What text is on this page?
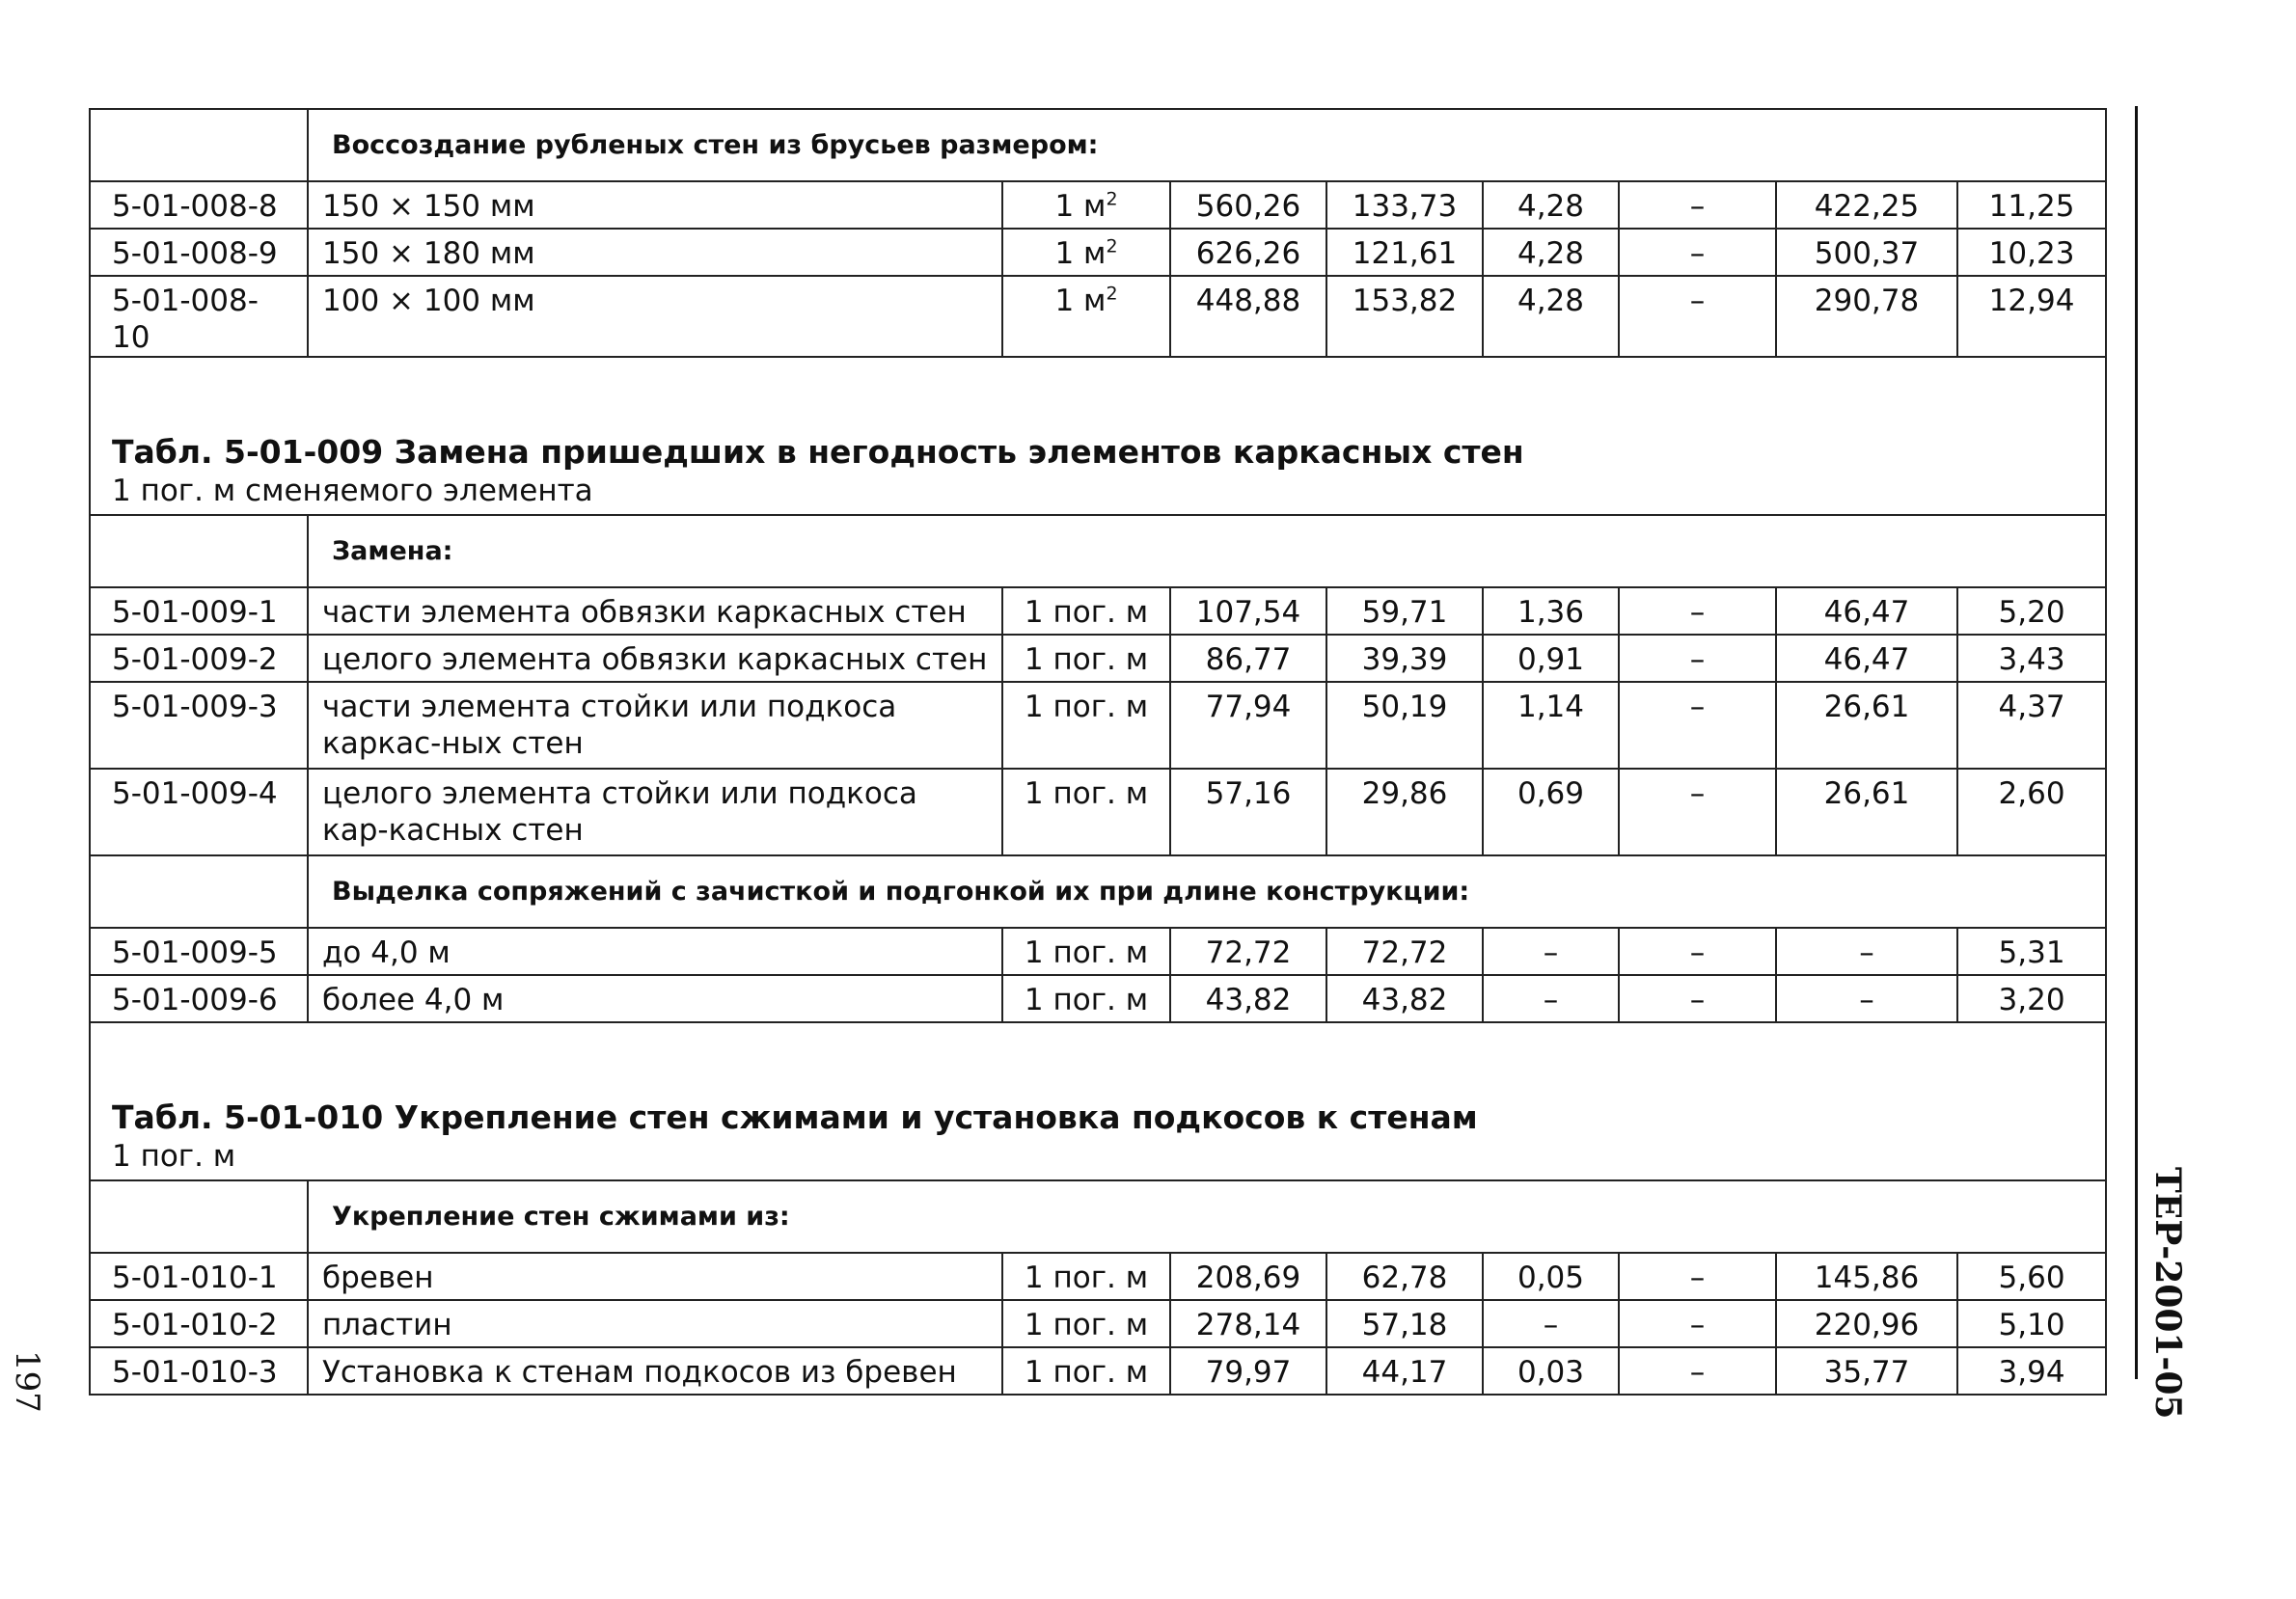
	Воссоздание рубленых стен из брусьев размером:							
5-01-008-8	150 × 150 мм	1 $м^2$	560,26	133,73	4,28	–	422,25	11,25
5-01-008-9	150 × 180 мм	1 $м^2$	626,26	121,61	4,28	–	500,37	10,23
5-01-008-10	100 × 100 мм	1 $м^2$	448,88	153,82	4,28	–	290,78	12,94

Табл. 5-01-009 Замена пришедших в негодность элементов каркасных стен
1 пог. м сменяемого элемента								

	Замена:							
5-01-009-1	части элемента обвязки каркасных стен	1 пог. м	107,54	59,71	1,36	–	46,47	5,20
5-01-009-2	целого элемента обвязки каркасных стен	1 пог. м	86,77	39,39	0,91	–	46,47	3,43
5-01-009-3	части элемента стойки или подкоса каркас-ных стен	1 пог. м	77,94	50,19	1,14	–	26,61	4,37
5-01-009-4	целого элемента стойки или подкоса кар-касных стен	1 пог. м	57,16	29,86	0,69	–	26,61	2,60
	Выделка сопряжений с зачисткой и подгонкой их при длине конструкции:							
5-01-009-5	до 4,0 м	1 пог. м	72,72	72,72	–	–	–	5,31
5-01-009-6	более 4,0 м	1 пог. м	43,82	43,82	–	–	–	3,20

Табл. 5-01-010 Укрепление стен сжимами и установка подкосов к стенам
1 пог. м								

	Укрепление стен сжимами из:							
5-01-010-1	бревен	1 пог. м	208,69	62,78	0,05	–	145,86	5,60
5-01-010-2	пластин	1 пог. м	278,14	57,18	–	–	220,96	5,10
5-01-010-3	Установка к стенам подкосов из бревен	1 пог. м	79,97	44,17	0,03	–	35,77	3,94
197	ТЕР-2001-05
